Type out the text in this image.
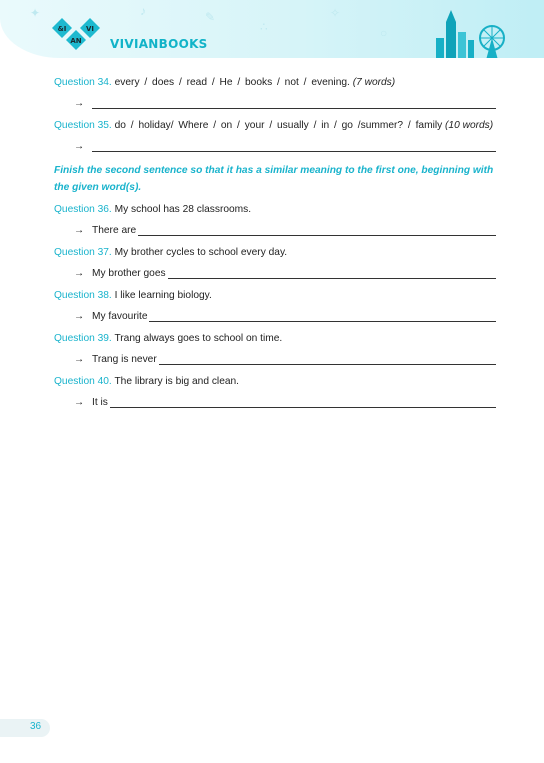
✦	♪	✎
∴
✧
○
&I	VI
AN VIVIANBOOKS
Question 34. every / does / read / He / books / not / evening. (7 words)
→
Question 35. do / holiday/ Where / on / your / usually / in / go /summer? / family (10 words)
→
Finish the second sentence so that it has a similar meaning to the first one, beginning with the given word(s).
Question 36. My school has 28 classrooms.
→ There are
Question 37. My brother cycles to school every day.
→ My brother goes
Question 38. I like learning biology.
→ My favourite
Question 39. Trang always goes to school on time.
→ Trang is never
Question 40. The library is big and clean.
→ It is
36
